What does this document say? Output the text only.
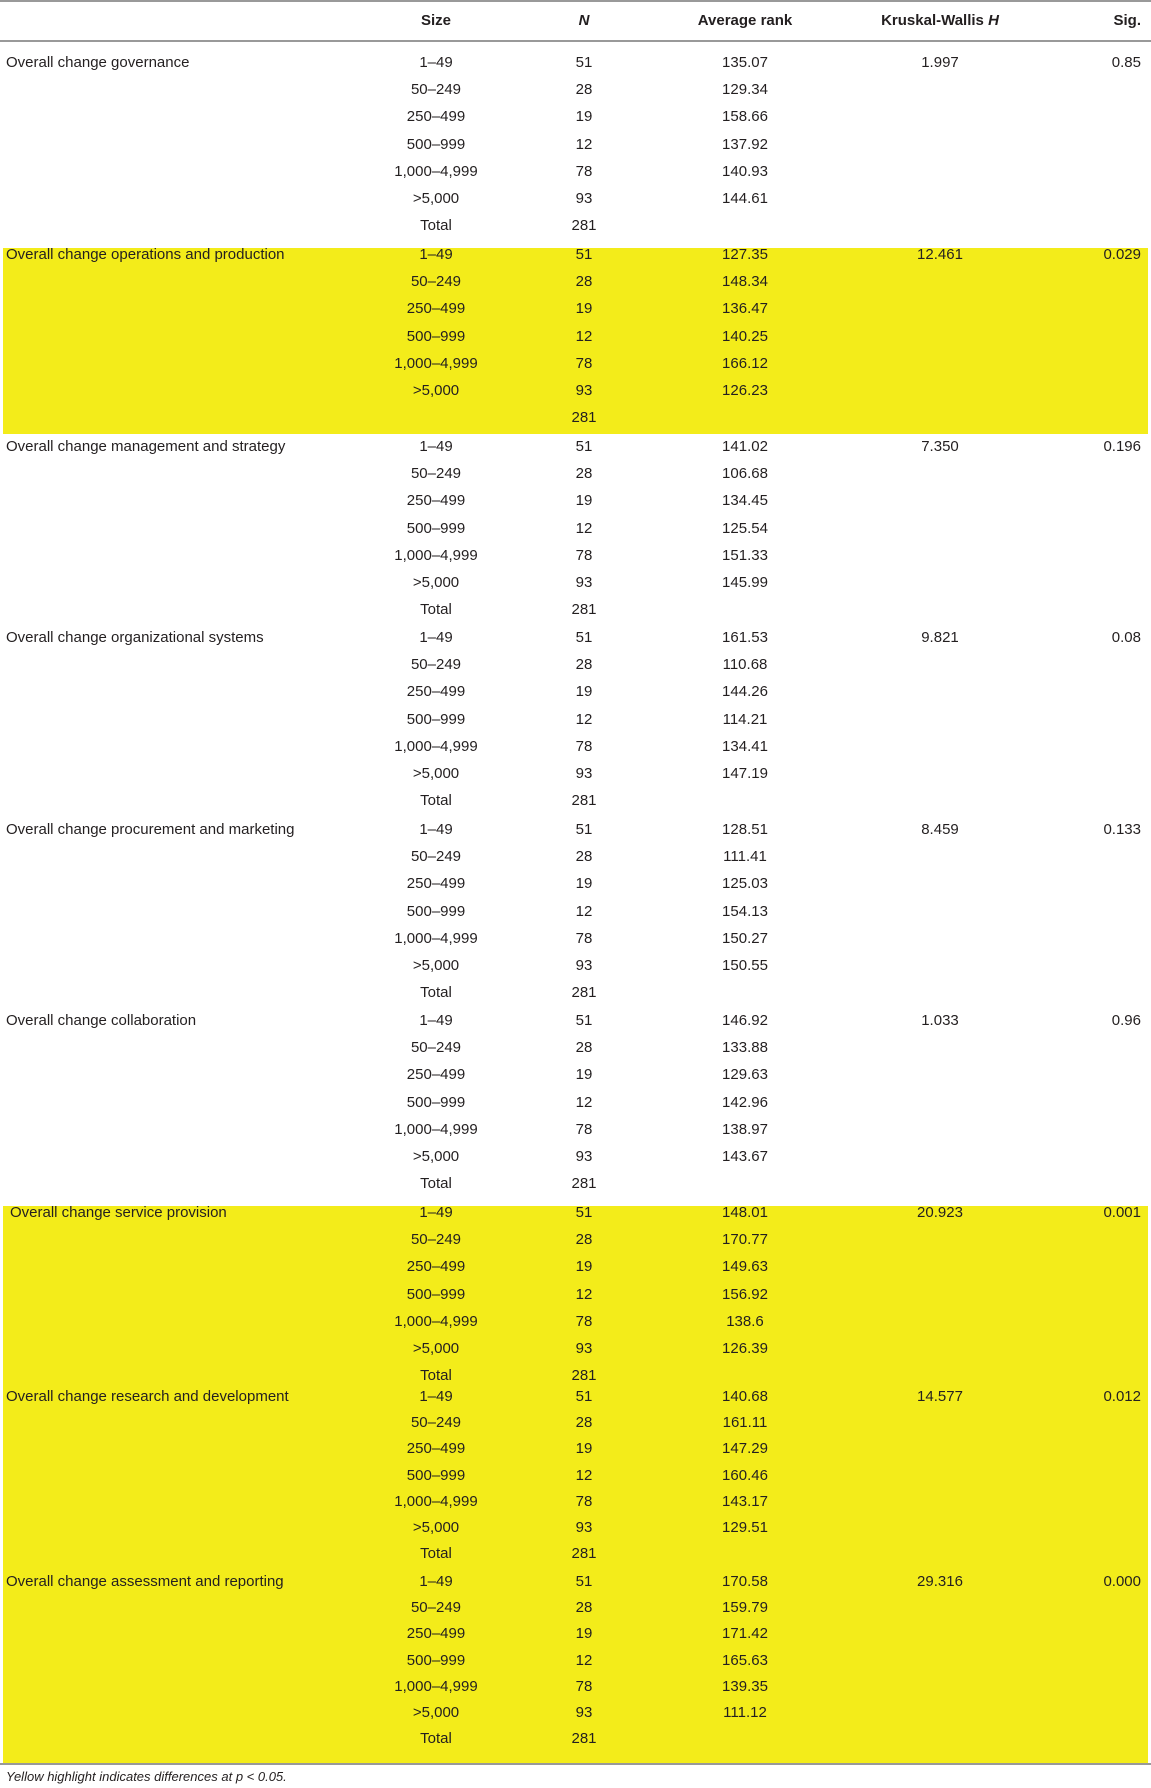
Size	N	Average rank	Kruskal-Wallis H	Sig.
Overall change governance	1–49	51	135.07	1.997	0.85
50–249	28	129.34
250–499	19	158.66
500–999	12	137.92
1,000–4,999	78	140.93
>5,000	93	144.61
Total	281
Overall change operations and production	1–49	51	127.35	12.461	0.029
50–249	28	148.34
250–499	19	136.47
500–999	12	140.25
1,000–4,999	78	166.12
>5,000	93	126.23
281
Overall change management and strategy	1–49	51	141.02	7.350	0.196
50–249	28	106.68
250–499	19	134.45
500–999	12	125.54
1,000–4,999	78	151.33
>5,000	93	145.99
Total	281
Overall change organizational systems	1–49	51	161.53	9.821	0.08
50–249	28	110.68
250–499	19	144.26
500–999	12	114.21
1,000–4,999	78	134.41
>5,000	93	147.19
Total	281
Overall change procurement and marketing	1–49	51	128.51	8.459	0.133
50–249	28	111.41
250–499	19	125.03
500–999	12	154.13
1,000–4,999	78	150.27
>5,000	93	150.55
Total	281
Overall change collaboration	1–49	51	146.92	1.033	0.96
50–249	28	133.88
250–499	19	129.63
500–999	12	142.96
1,000–4,999	78	138.97
>5,000	93	143.67
Total	281
Overall change service provision	1–49	51	148.01	20.923	0.001
50–249	28	170.77
250–499	19	149.63
500–999	12	156.92
1,000–4,999	78	138.6
>5,000	93	126.39
Total	281
Overall change research and development	1–49	51	140.68	14.577	0.012
50–249	28	161.11
250–499	19	147.29
500–999	12	160.46
1,000–4,999	78	143.17
>5,000	93	129.51
Total	281
Overall change assessment and reporting	1–49	51	170.58	29.316	0.000
50–249	28	159.79
250–499	19	171.42
500–999	12	165.63
1,000–4,999	78	139.35
>5,000	93	111.12
Total	281
Yellow highlight indicates differences at p < 0.05.
